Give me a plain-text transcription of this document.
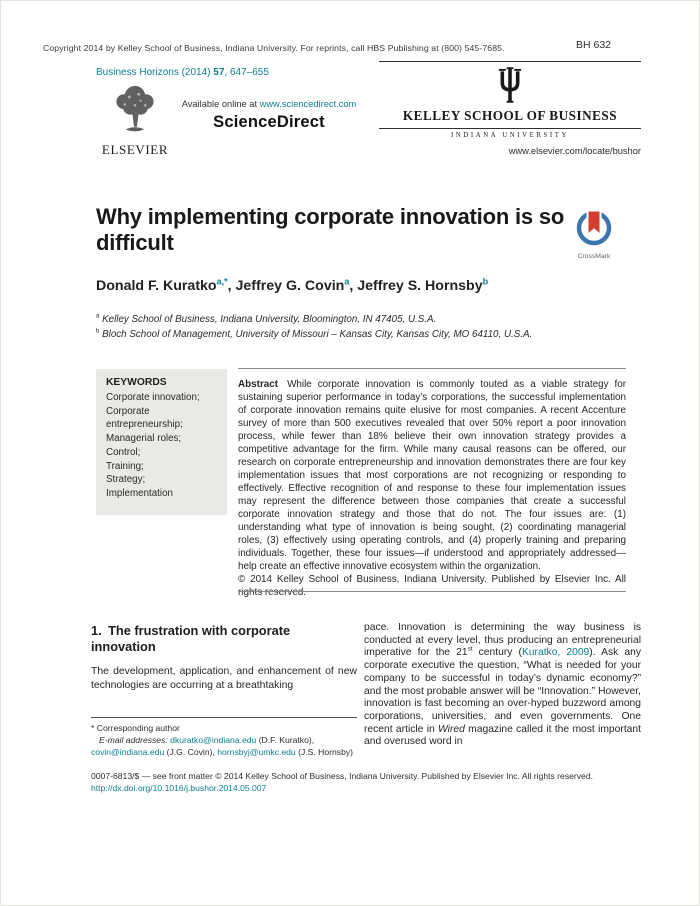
Copyright 2014 by Kelley School of Business, Indiana University. For reprints, call HBS Publishing at (800) 545-7685.	BH 632
Business Horizons (2014) 57, 647–655
ELSEVIER
Available online at www.sciencedirect.com
ScienceDirect	KELLEY SCHOOL OF BUSINESS
INDIANA UNIVERSITY
www.elsevier.com/locate/bushor
Why implementing corporate innovation is so difficult
CrossMark
Donald F. Kuratko$^{a,*}$, Jeffrey G. Covin$^a$, Jeffrey S. Hornsby$^b$
$^a$ Kelley School of Business, Indiana University, Bloomington, IN 47405, U.S.A.
$^b$ Bloch School of Management, University of Missouri – Kansas City, Kansas City, MO 64110, U.S.A.
KEYWORDS
Corporate innovation;
Corporate entrepreneurship;
Managerial roles;
Control;
Training;
Strategy;
Implementation
Abstract While corporate innovation is commonly touted as a viable strategy for sustaining superior performance in today’s corporations, the successful implementation of corporate innovation remains quite elusive for most companies. A recent Accenture survey of more than 500 executives revealed that over 50% report a poor innovation process, while fewer than 18% believe their own innovation strategy provides a competitive advantage for the firm. While many causal reasons can be offered, our research on corporate entrepreneurship and innovation demonstrates there are four key implementation issues that most corporations are not recognizing or responding to effectively. Effective recognition of and response to these four implementation issues may represent the difference between those companies that create a successful corporate innovation strategy and those that do not. The four issues are: (1) understanding what type of innovation is being sought, (2) coordinating managerial roles, (3) effectively using operating controls, and (4) properly training and preparing individuals. Together, these four issues—if understood and appropriately addressed—help create an effective innovative ecosystem within the organization.
© 2014 Kelley School of Business, Indiana University. Published by Elsevier Inc. All rights reserved.
1. The frustration with corporate innovation
The development, application, and enhancement of new technologies are occurring at a breathtaking
pace. Innovation is determining the way business is conducted at every level, thus producing an entrepreneurial imperative for the 21st century (Kuratko, 2009). Ask any corporate executive the question, “What is needed for your company to be successful in today’s dynamic economy?” and the most probable answer will be “Innovation.” However, innovation is fast becoming an over-hyped buzzword among corporations, universities, and even governments. One recent article in Wired magazine called it the most important and overused word in
* Corresponding author
E-mail addresses: dkuratko@indiana.edu (D.F. Kuratko), covin@indiana.edu (J.G. Covin), hornsbyj@umkc.edu (J.S. Hornsby)
0007-6813/$ — see front matter © 2014 Kelley School of Business, Indiana University. Published by Elsevier Inc. All rights reserved.
http://dx.doi.org/10.1016/j.bushor.2014.05.007
